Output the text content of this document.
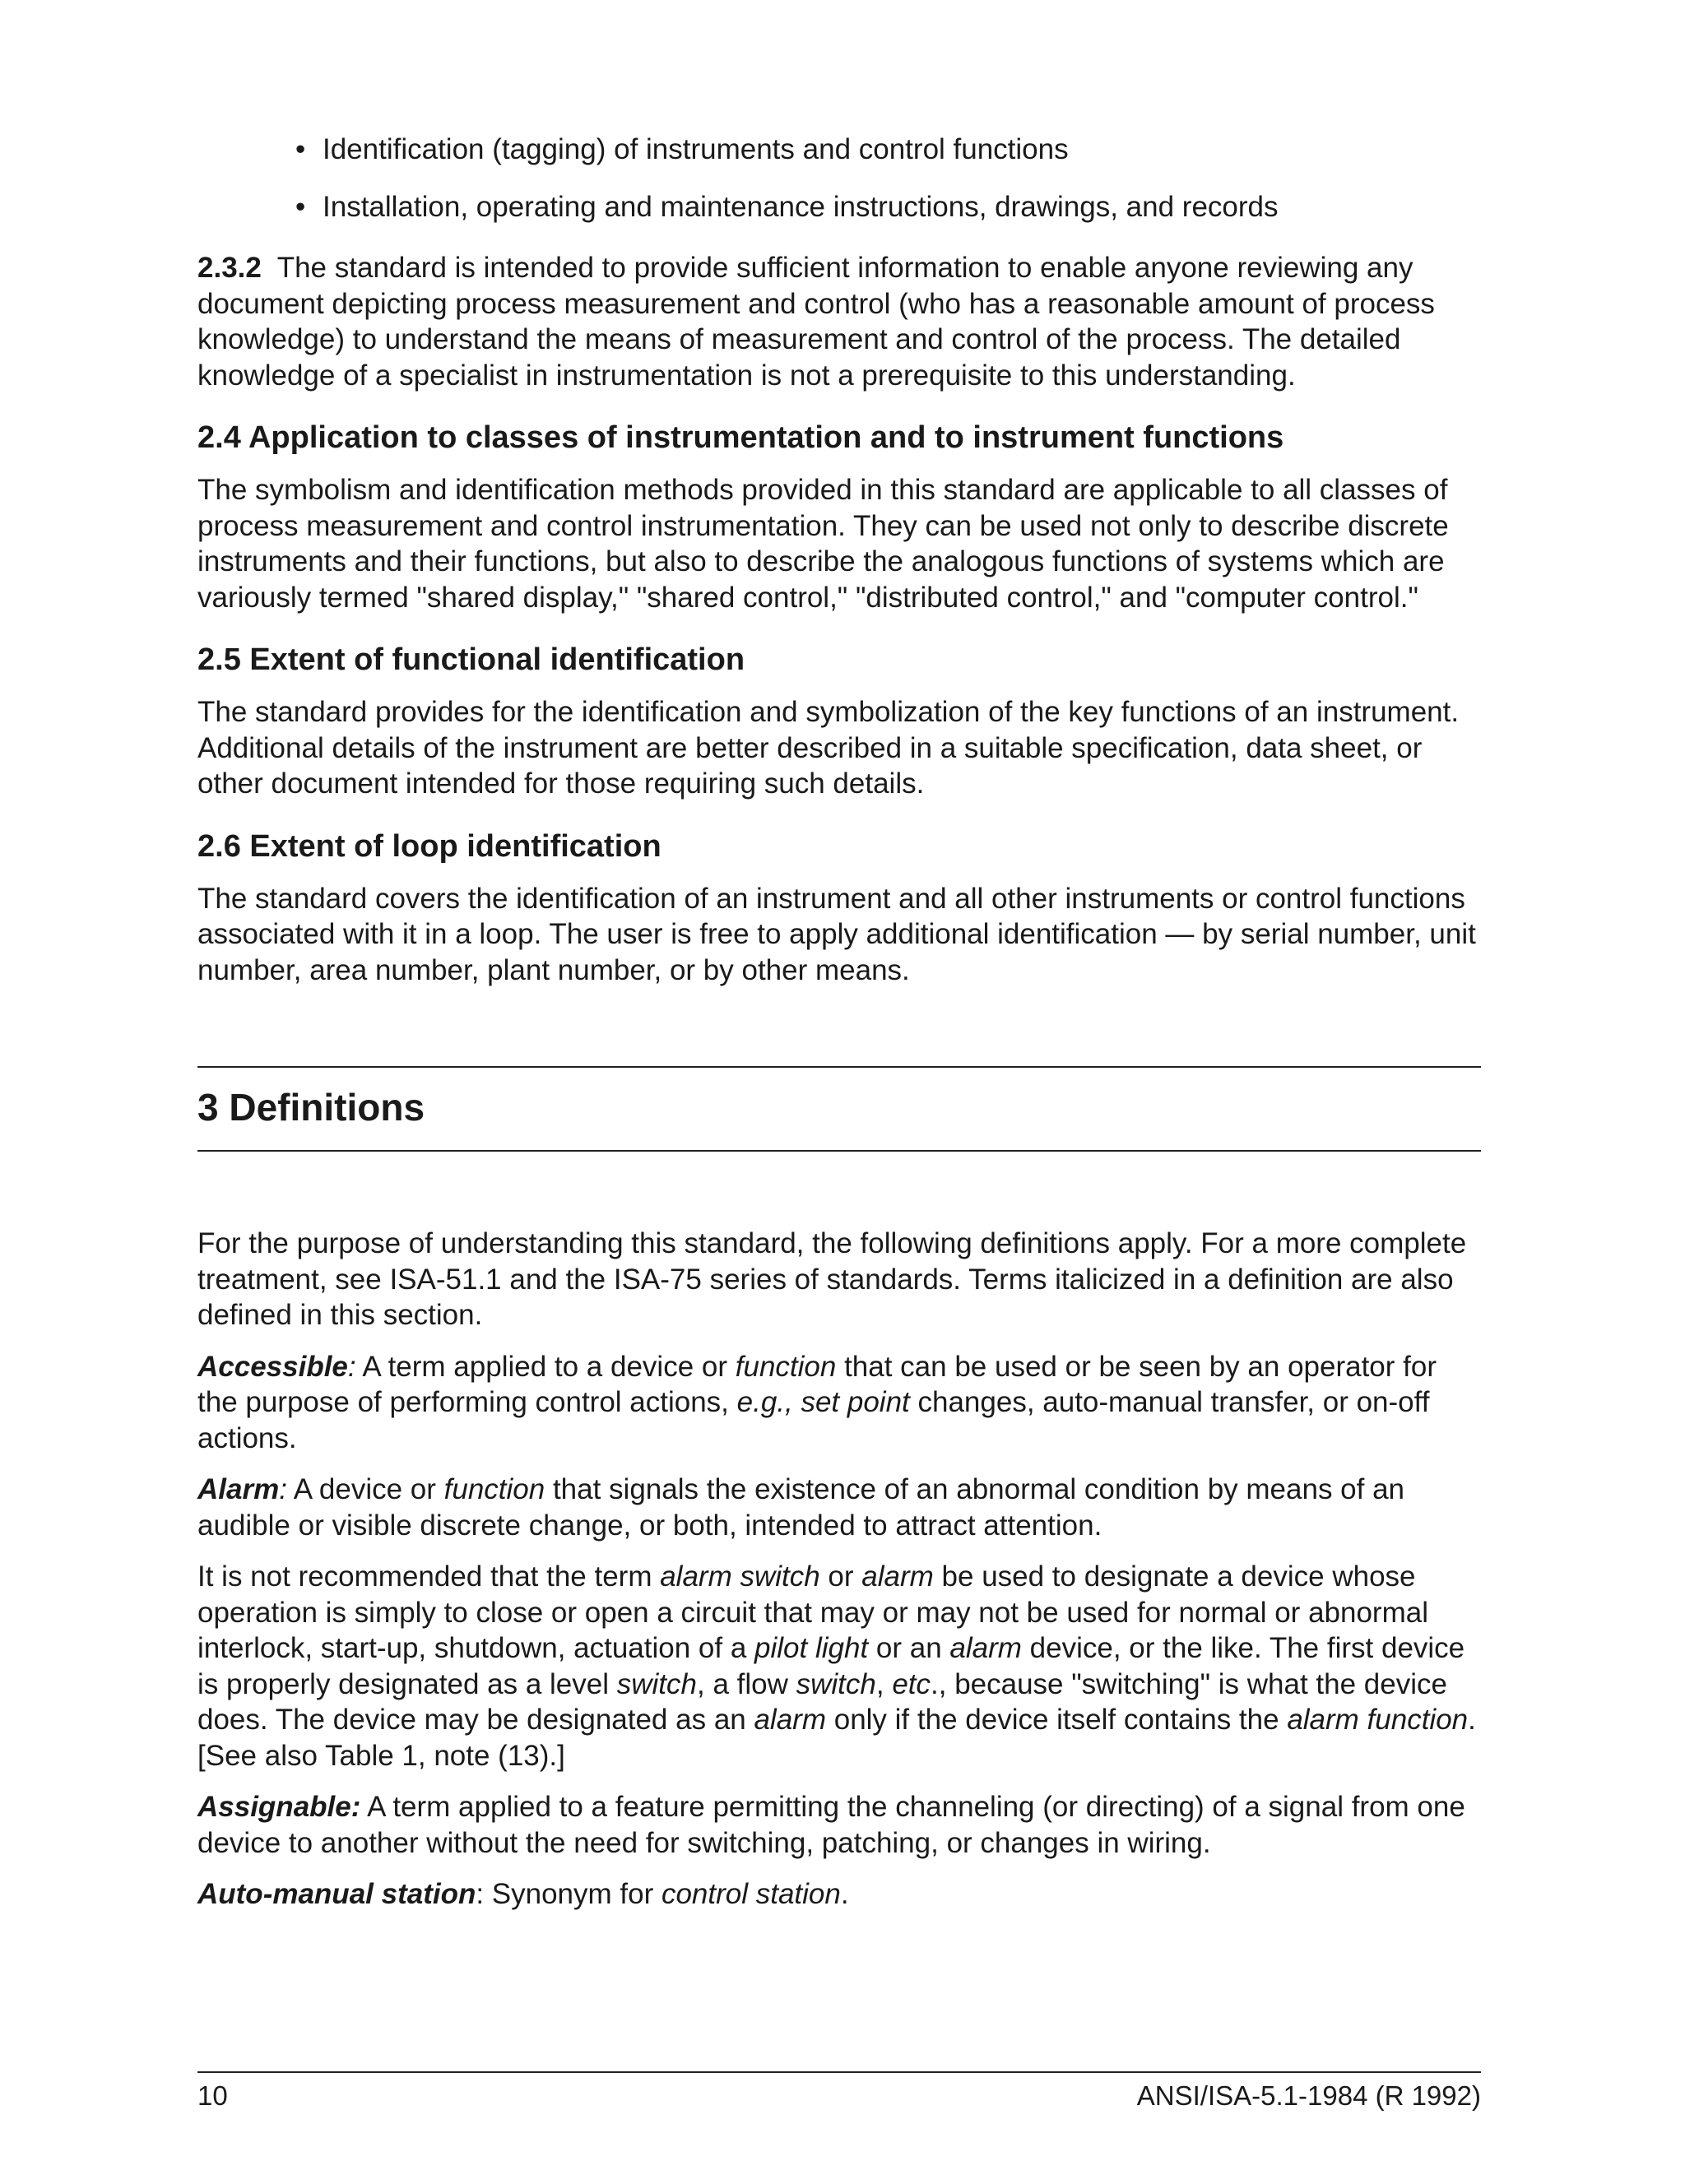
• Identification (tagging) of instruments and control functions
• Installation, operating and maintenance instructions, drawings, and records

2.3.2 The standard is intended to provide sufficient information to enable anyone reviewing any document depicting process measurement and control (who has a reasonable amount of process knowledge) to understand the means of measurement and control of the process. The detailed knowledge of a specialist in instrumentation is not a prerequisite to this understanding.

2.4 Application to classes of instrumentation and to instrument functions

The symbolism and identification methods provided in this standard are applicable to all classes of process measurement and control instrumentation. They can be used not only to describe discrete instruments and their functions, but also to describe the analogous functions of systems which are variously termed "shared display," "shared control," "distributed control," and "computer control."

2.5 Extent of functional identification

The standard provides for the identification and symbolization of the key functions of an instrument. Additional details of the instrument are better described in a suitable specification, data sheet, or other document intended for those requiring such details.

2.6 Extent of loop identification

The standard covers the identification of an instrument and all other instruments or control functions associated with it in a loop. The user is free to apply additional identification — by serial number, unit number, area number, plant number, or by other means.

3 Definitions

For the purpose of understanding this standard, the following definitions apply. For a more complete treatment, see ISA-51.1 and the ISA-75 series of standards. Terms italicized in a definition are also defined in this section.

Accessible: A term applied to a device or function that can be used or be seen by an operator for the purpose of performing control actions, e.g., set point changes, auto-manual transfer, or on-off actions.

Alarm: A device or function that signals the existence of an abnormal condition by means of an audible or visible discrete change, or both, intended to attract attention.

It is not recommended that the term alarm switch or alarm be used to designate a device whose operation is simply to close or open a circuit that may or may not be used for normal or abnormal interlock, start-up, shutdown, actuation of a pilot light or an alarm device, or the like. The first device is properly designated as a level switch, a flow switch, etc., because "switching" is what the device does. The device may be designated as an alarm only if the device itself contains the alarm function. [See also Table 1, note (13).]

Assignable: A term applied to a feature permitting the channeling (or directing) of a signal from one device to another without the need for switching, patching, or changes in wiring.

Auto-manual station: Synonym for control station.

10	ANSI/ISA-5.1-1984 (R 1992)
